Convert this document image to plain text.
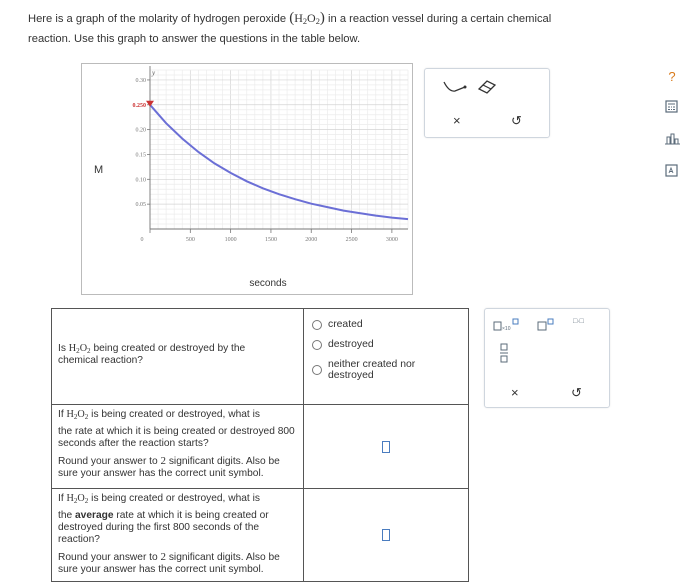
Here is a graph of the molarity of hydrogen peroxide $(H_2O_2)$ in a reaction vessel during a certain chemical
reaction. Use this graph to answer the questions in the table below.
M
0.30
0.250
0.20
0.15
0.10
0.05
0	500	1000	1500	2000	2500	3000
seconds
y
×	↺
?
Is $H_2O_2$ being created or destroyed by the
chemical reaction?
created
destroyed
neither created nor destroyed
If $H_2O_2$ is being created or destroyed, what is
the rate at which it is being created or destroyed 800 seconds after the reaction starts?
Round your answer to 2 significant digits. Also be sure your answer has the correct unit symbol.
If $H_2O_2$ is being created or destroyed, what is
the average rate at which it is being created or destroyed during the first 800 seconds of the reaction?
Round your answer to 2 significant digits. Also be sure your answer has the correct unit symbol.
×10
□·□
×	↺
